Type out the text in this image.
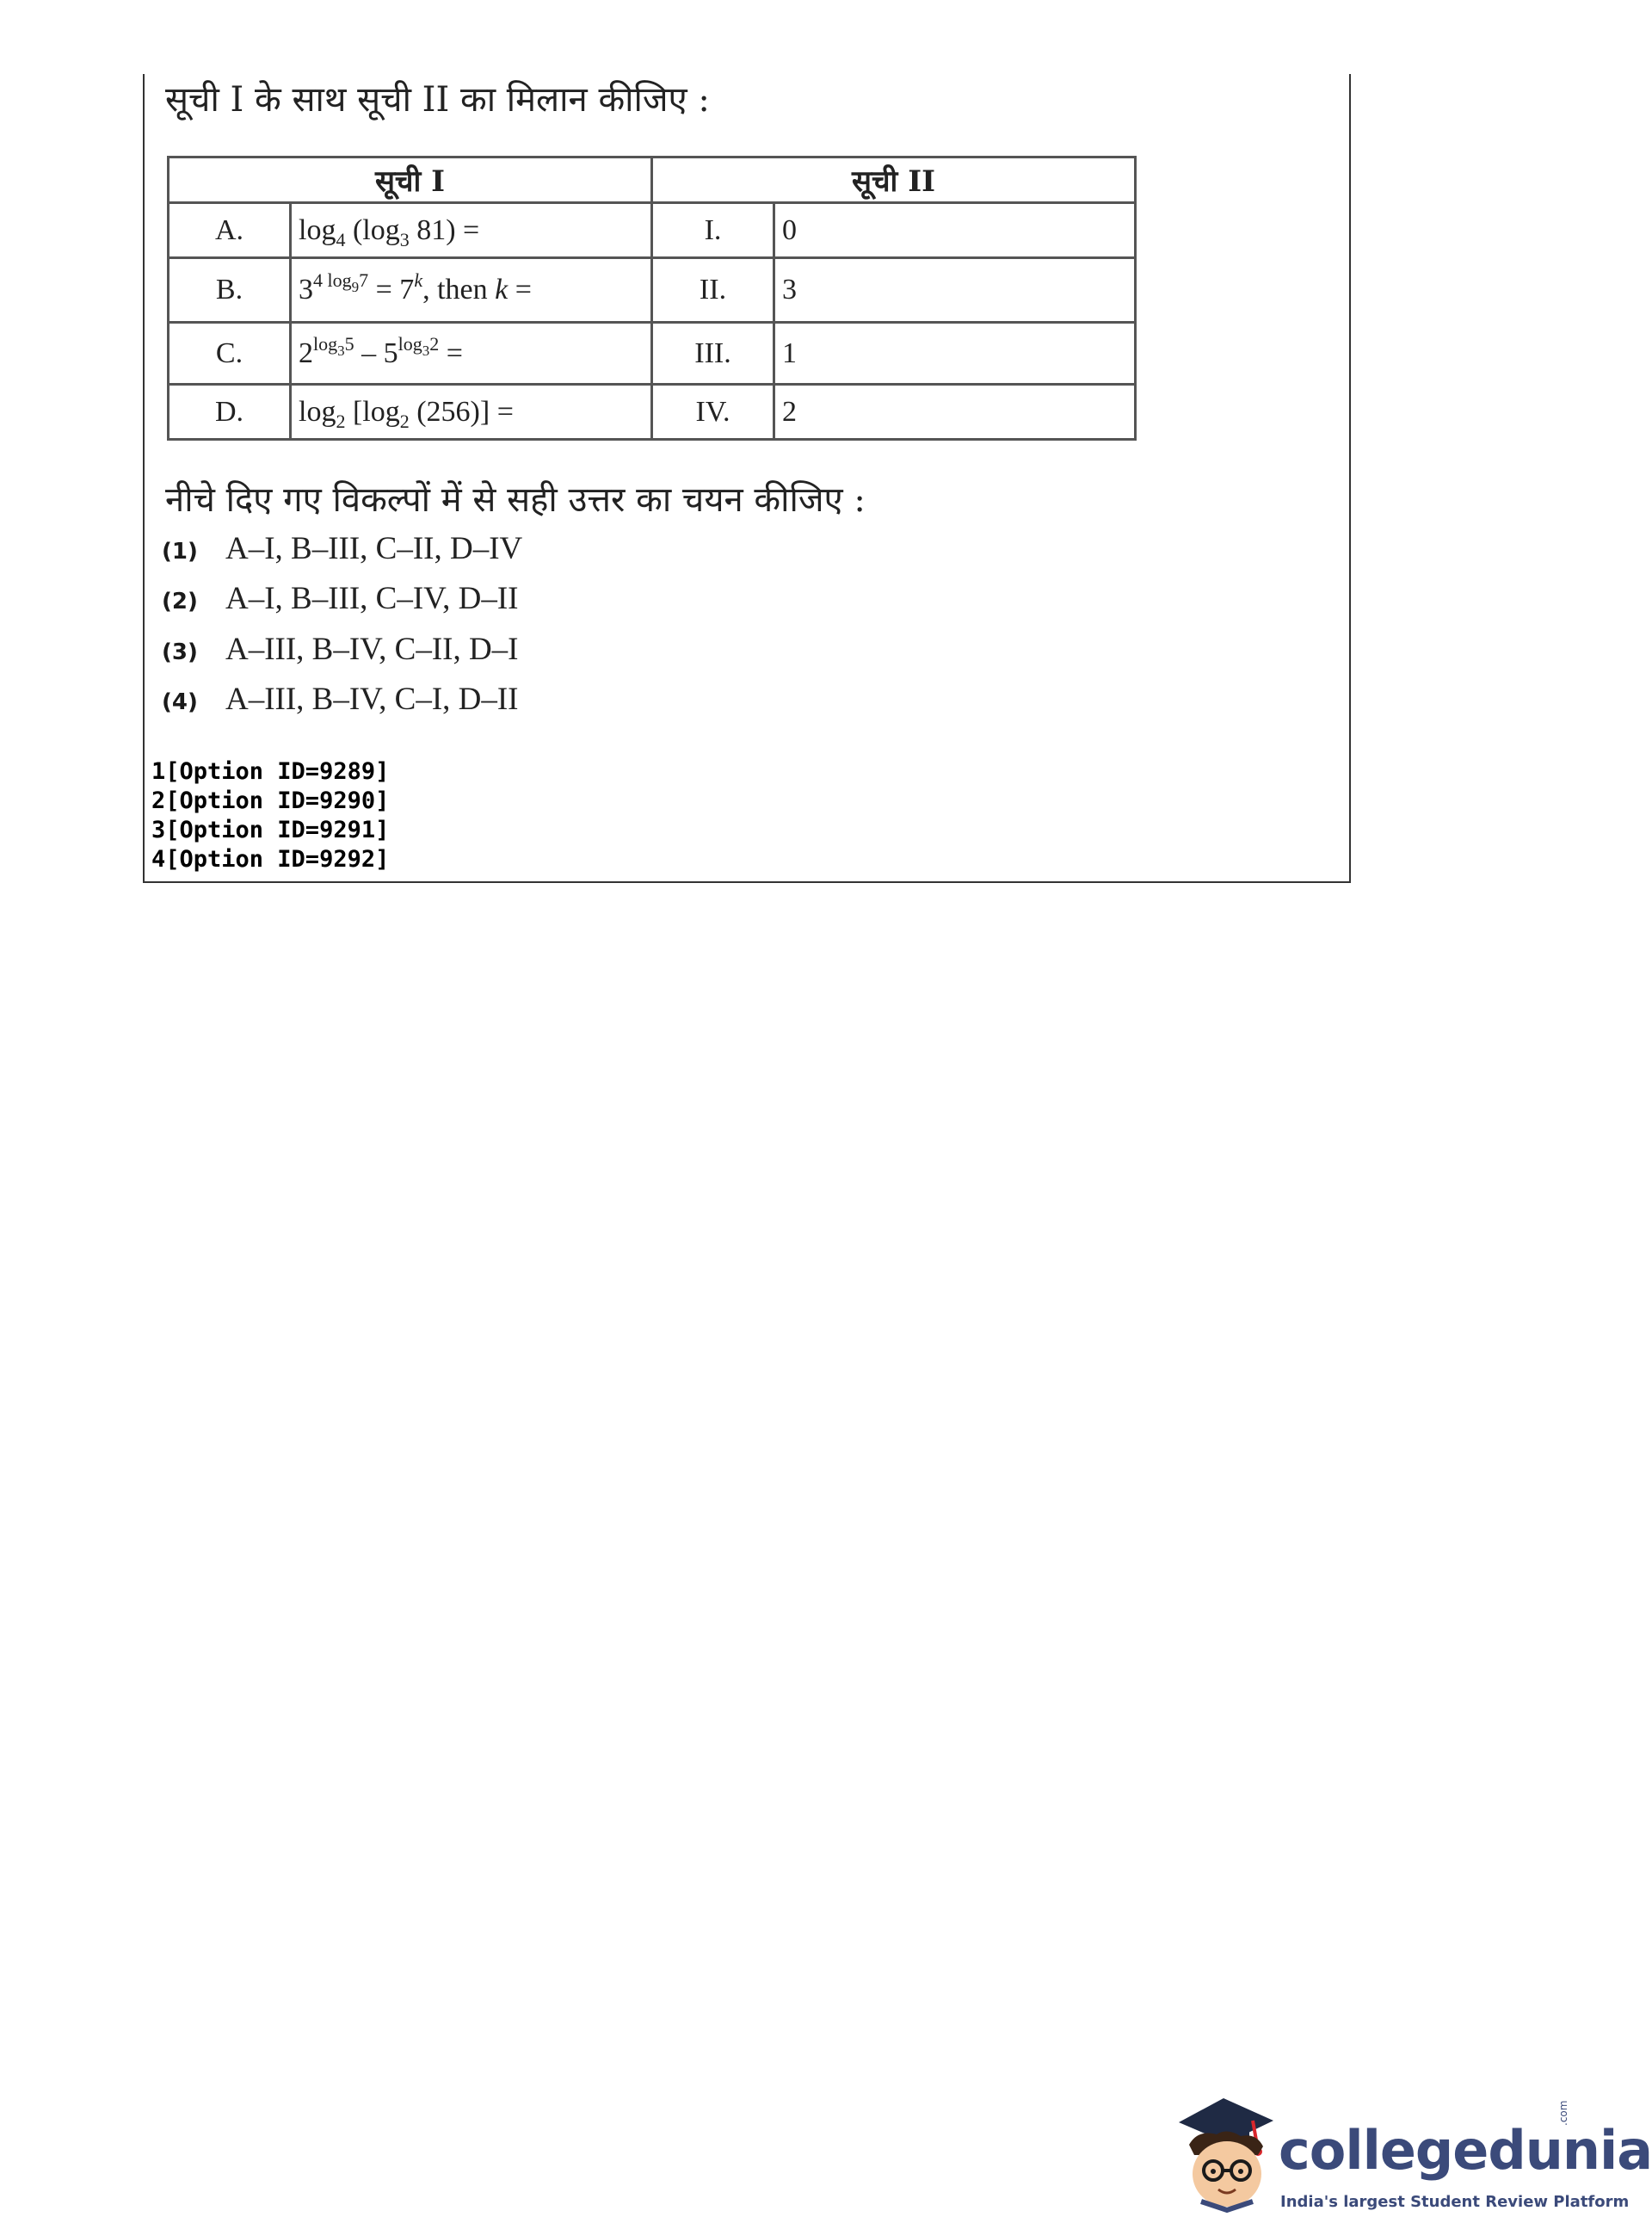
सूची I के साथ सूची II का मिलान कीजिए :
सूची I		सूची II	
A.	$\log_4 (\log_3$ 81) =	I.	0
B.	$3^{4 log_97} = 7^k$, then k =	II.	3
C.	$2^{log_35} - 5^{log_32}$ =	III.	1
D.	$\log_2 [\log_2$ (256)] =	IV.	2
नीचे दिए गए विकल्पों में से सही उत्तर का चयन कीजिए :
(1) A–I, B–III, C–II, D–IV
(2) A–I, B–III, C–IV, D–II
(3) A–III, B–IV, C–II, D–I
(4) A–III, B–IV, C–I, D–II
1[Option ID=9289]
2[Option ID=9290]
3[Option ID=9291]
4[Option ID=9292]
collegedunia
.com
India's largest Student Review Platform
